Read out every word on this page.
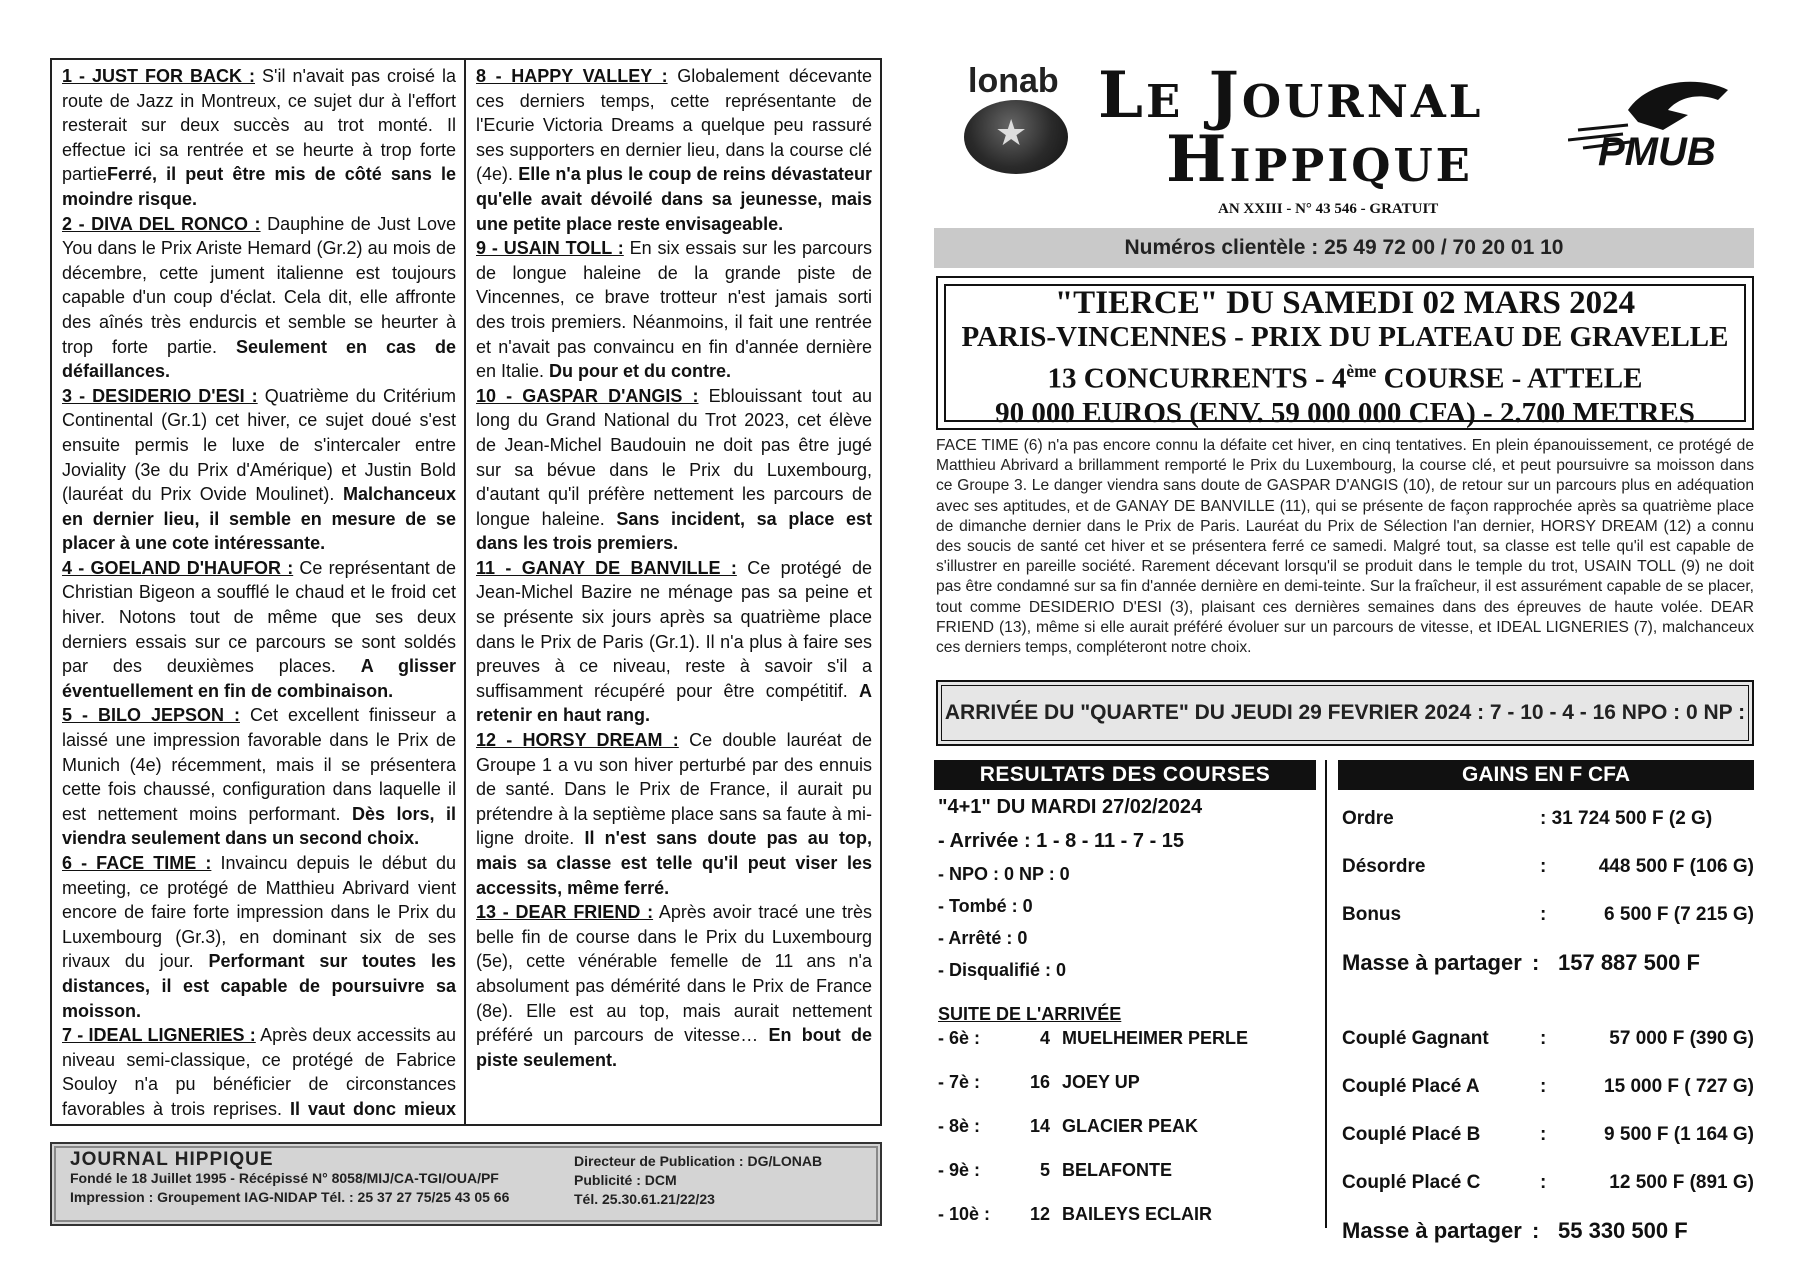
1 - JUST FOR BACK : S'il n'avait pas croisé la route de Jazz in Montreux, ce sujet dur à l'effort resterait sur deux succès au trot monté. Il effectue ici sa rentrée et se heurte à trop forte partieFerré, il peut être mis de côté sans le moindre risque.

2 - DIVA DEL RONCO : Dauphine de Just Love You dans le Prix Ariste Hemard (Gr.2) au mois de décembre, cette jument italienne est toujours capable d'un coup d'éclat. Cela dit, elle affronte des aînés très endurcis et semble se heurter à trop forte partie. Seulement en cas de défaillances.

3 - DESIDERIO D'ESI : Quatrième du Critérium Continental (Gr.1) cet hiver, ce sujet doué s'est ensuite permis le luxe de s'intercaler entre Joviality (3e du Prix d'Amérique) et Justin Bold (lauréat du Prix Ovide Moulinet). Malchanceux en dernier lieu, il semble en mesure de se placer à une cote intéressante.

4 - GOELAND D'HAUFOR : Ce représentant de Christian Bigeon a soufflé le chaud et le froid cet hiver. Notons tout de même que ses deux derniers essais sur ce parcours se sont soldés par des deuxièmes places. A glisser éventuellement en fin de combinaison.

5 - BILO JEPSON : Cet excellent finisseur a laissé une impression favorable dans le Prix de Munich (4e) récemment, mais il se présentera cette fois chaussé, configuration dans laquelle il est nettement moins performant. Dès lors, il viendra seulement dans un second choix.

6 - FACE TIME : Invaincu depuis le début du meeting, ce protégé de Matthieu Abrivard vient encore de faire forte impression dans le Prix du Luxembourg (Gr.3), en dominant six de ses rivaux du jour. Performant sur toutes les distances, il est capable de poursuivre sa moisson.

7 - IDEAL LIGNERIES : Après deux accessits au niveau semi-classique, ce protégé de Fabrice Souloy n'a pu bénéficier de circonstances favorables à trois reprises. Il vaut donc mieux

8 - HAPPY VALLEY : Globalement décevante ces derniers temps, cette représentante de l'Ecurie Victoria Dreams a quelque peu rassuré ses supporters en dernier lieu, dans la course clé (4e). Elle n'a plus le coup de reins dévastateur qu'elle avait dévoilé dans sa jeunesse, mais une petite place reste envisageable.

9 - USAIN TOLL : En six essais sur les parcours de longue haleine de la grande piste de Vincennes, ce brave trotteur n'est jamais sorti des trois premiers. Néanmoins, il fait une rentrée et n'avait pas convaincu en fin d'année dernière en Italie. Du pour et du contre.

10 - GASPAR D'ANGIS : Eblouissant tout au long du Grand National du Trot 2023, cet élève de Jean-Michel Baudouin ne doit pas être jugé sur sa bévue dans le Prix du Luxembourg, d'autant qu'il préfère nettement les parcours de longue haleine. Sans incident, sa place est dans les trois premiers.

11 - GANAY DE BANVILLE : Ce protégé de Jean-Michel Bazire ne ménage pas sa peine et se présente six jours après sa quatrième place dans le Prix de Paris (Gr.1). Il n'a plus à faire ses preuves à ce niveau, reste à savoir s'il a suffisamment récupéré pour être compétitif. A retenir en haut rang.

12 - HORSY DREAM : Ce double lauréat de Groupe 1 a vu son hiver perturbé par des ennuis de santé. Dans le Prix de France, il aurait pu prétendre à la septième place sans sa faute à mi-ligne droite. Il n'est sans doute pas au top, mais sa classe est telle qu'il peut viser les accessits, même ferré.

13 - DEAR FRIEND : Après avoir tracé une très belle fin de course dans le Prix du Luxembourg (5e), cette vénérable femelle de 11 ans n'a absolument pas démérité dans le Prix de France (8e). Elle est au top, mais aurait nettement préféré un parcours de vitesse… En bout de piste seulement.

JOURNAL HIPPIQUE
Fondé le 18 Juillet 1995 - Récépissé N° 8058/MIJ/CA-TGI/OUA/PF
Impression : Groupement IAG-NIDAP Tél. : 25 37 27 75/25 43 05 66
Directeur de Publication : DG/LONAB
Publicité : DCM
Tél. 25.30.61.21/22/23
★
lonab Le Journal
Hippique
AN XXIII - N° 43 546 - GRATUIT
PMUB
Numéros clientèle : 25 49 72 00 / 70 20 01 10
"TIERCE" DU SAMEDI 02 MARS 2024
PARIS-VINCENNES - PRIX DU PLATEAU DE GRAVELLE
13 CONCURRENTS - 4ème COURSE - ATTELE
90 000 EUROS (ENV. 59 000 000 CFA) - 2.700 METRES
FACE TIME (6) n'a pas encore connu la défaite cet hiver, en cinq tentatives. En plein épanouissement, ce protégé de Matthieu Abrivard a brillamment remporté le Prix du Luxembourg, la course clé, et peut poursuivre sa moisson dans ce Groupe 3. Le danger viendra sans doute de GASPAR D'ANGIS (10), de retour sur un parcours plus en adéquation avec ses aptitudes, et de GANAY DE BANVILLE (11), qui se présente de façon rapprochée après sa quatrième place de dimanche dernier dans le Prix de Paris. Lauréat du Prix de Sélection l'an dernier, HORSY DREAM (12) a connu des soucis de santé cet hiver et se présentera ferré ce samedi. Malgré tout, sa classe est telle qu'il est capable de s'illustrer en pareille société. Rarement décevant lorsqu'il se produit dans le temple du trot, USAIN TOLL (9) ne doit pas être condamné sur sa fin d'année dernière en demi-teinte. Sur la fraîcheur, il est assurément capable de se placer, tout comme DESIDERIO D'ESI (3), plaisant ces dernières semaines dans des épreuves de haute volée. DEAR FRIEND (13), même si elle aurait préféré évoluer sur un parcours de vitesse, et IDEAL LIGNERIES (7), malchanceux ces derniers temps, compléteront notre choix.
ARRIVÉE DU "QUARTE" DU JEUDI 29 FEVRIER 2024 : 7 - 10 - 4 - 16 NPO : 0 NP :
RESULTATS DES COURSES	GAINS EN F CFA
"4+1" DU MARDI 27/02/2024
- Arrivée : 1 - 8 - 11 - 7 - 15
- NPO : 0 NP : 0
- Tombé : 0
- Arrêté : 0
- Disqualifié : 0
SUITE DE L'ARRIVÉE
- 6è :	4 MUELHEIMER PERLE
- 7è :	16 JOEY UP
- 8è :	14 GLACIER PEAK
- 9è :	5 BELAFONTE
- 10è :	12 BAILEYS ECLAIR
Ordre	: 31 724 500 F (2 G)
Désordre	:	448 500 F (106 G)
Bonus	:	6 500 F (7 215 G)
Masse à partager : 157 887 500 F
Couplé Gagnant	:	57 000 F (390 G)
Couplé Placé A	:	15 000 F ( 727 G)
Couplé Placé B	:	9 500 F (1 164 G)
Couplé Placé C	:	12 500 F (891 G)
Masse à partager : 55 330 500 F
